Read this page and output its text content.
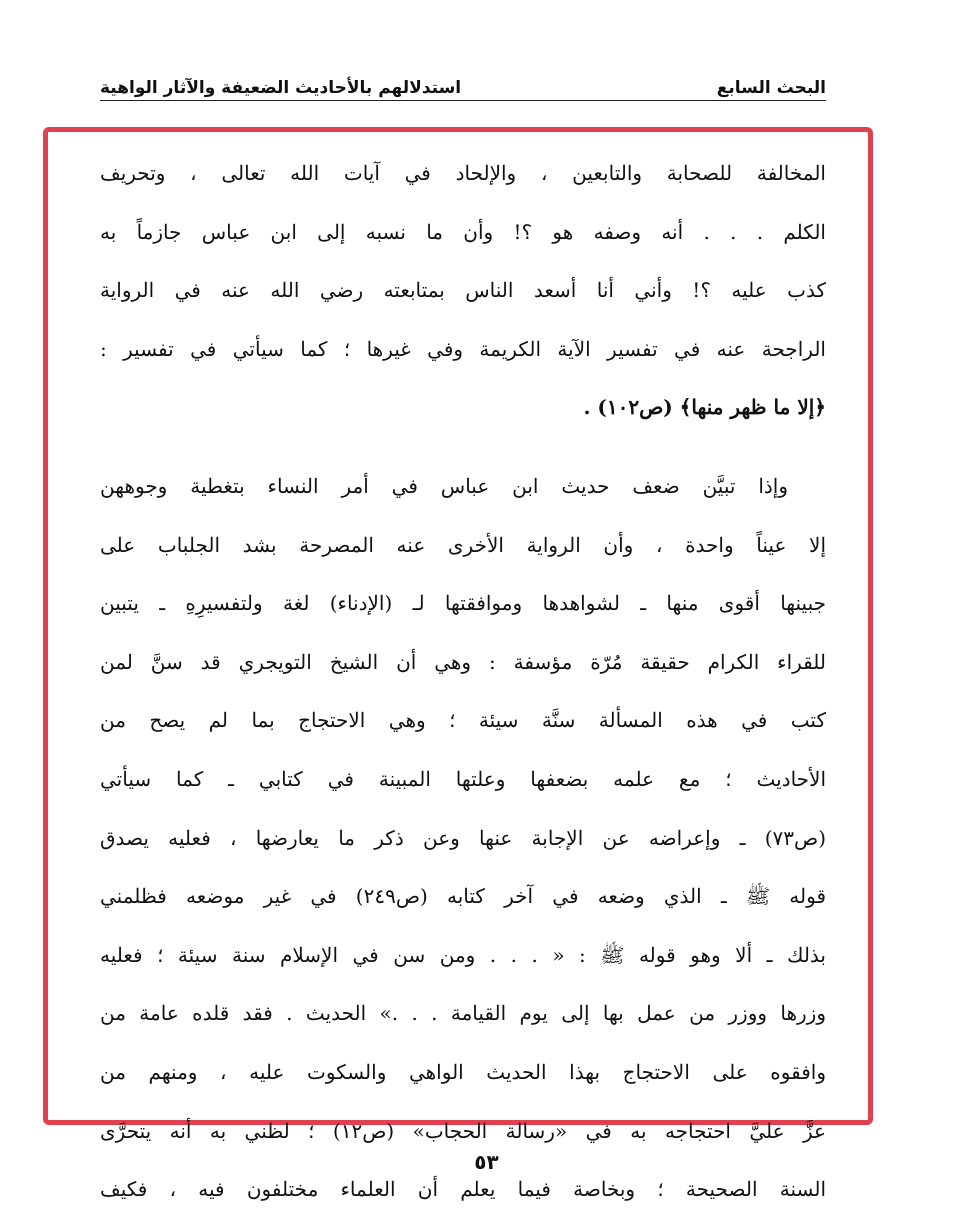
البحث السابع
استدلالهم بالأحاديث الضعيفة والآثار الواهية
المخالفة للصحابة والتابعين ، والإلحاد في آيات الله تعالى ، وتحريف
الكلم . . . أنه وصفه هو ؟! وأن ما نسبه إلى ابن عباس جازماً به
كذب عليه ؟! وأني أنا أسعد الناس بمتابعته رضي الله عنه في الرواية
الراجحة عنه في تفسير الآية الكريمة وفي غيرها ؛ كما سيأتي في تفسير :
﴿إلا ما ظهر منها﴾ (ص١٠٢) .
وإذا تبيَّن ضعف حديث ابن عباس في أمر النساء بتغطية وجوههن
إلا عيناً واحدة ، وأن الرواية الأخرى عنه المصرحة بشد الجلباب على
جبينها أقوى منها ـ لشواهدها وموافقتها لـ (الإدناء) لغة ولتفسيرِهِ ـ يتبين
للقراء الكرام حقيقة مُرّة مؤسفة : وهي أن الشيخ التويجري قد سنَّ لمن
كتب في هذه المسألة سنَّة سيئة ؛ وهي الاحتجاج بما لم يصح من
الأحاديث ؛ مع علمه بضعفها وعلتها المبينة في كتابي ـ كما سيأتي
(ص٧٣) ـ وإعراضه عن الإجابة عنها وعن ذكر ما يعارضها ، فعليه يصدق
قوله ﷺ ـ الذي وضعه في آخر كتابه (ص٢٤٩) في غير موضعه فظلمني
بذلك ـ ألا وهو قوله ﷺ : « . . . ومن سن في الإسلام سنة سيئة ؛ فعليه
وزرها ووزر من عمل بها إلى يوم القيامة . . .» الحديث . فقد قلده عامة من
وافقوه على الاحتجاج بهذا الحديث الواهي والسكوت عليه ، ومنهم من
عزَّ عليَّ احتجاجه به في «رسالة الحجاب» (ص١٢) ؛ لظني به أنه يتحرَّى
السنة الصحيحة ؛ وبخاصة فيما يعلم أن العلماء مختلفون فيه ، فكيف
٥٣
